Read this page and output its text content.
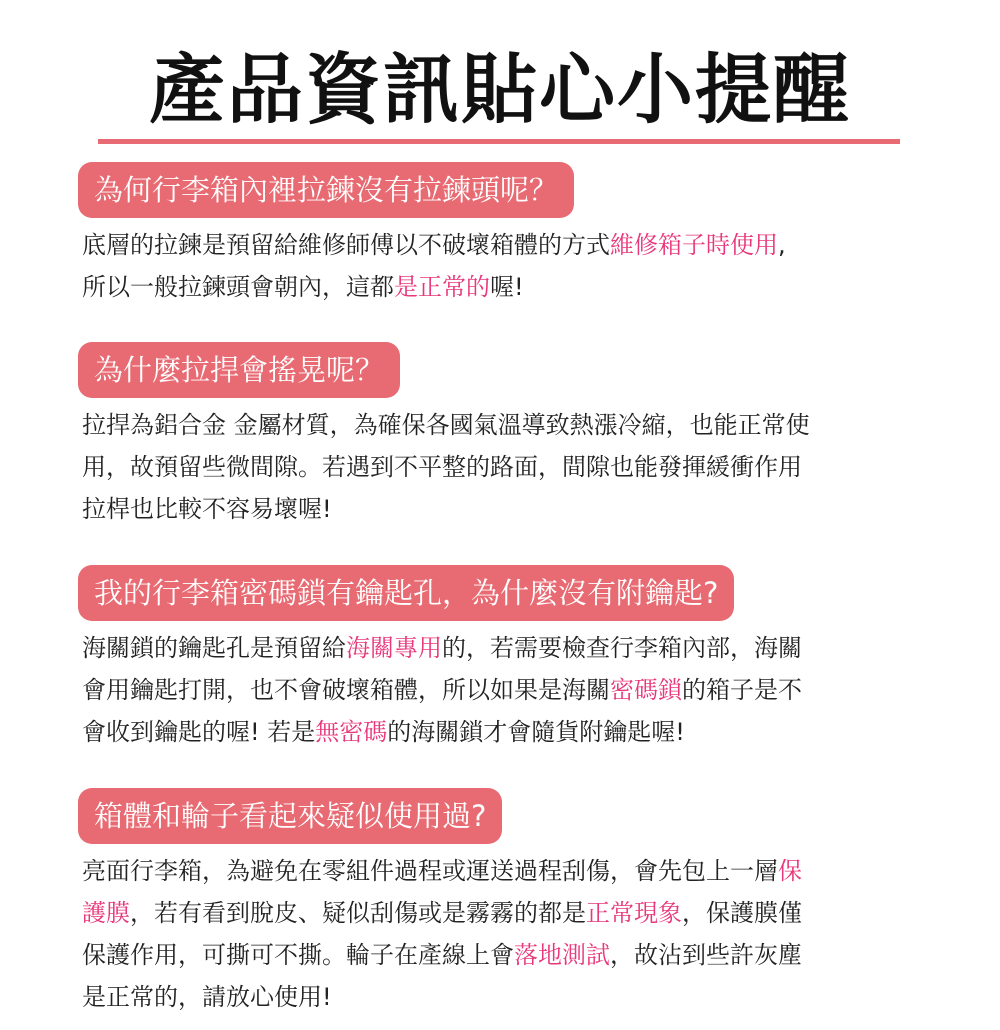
產品資訊貼心小提醒
為何行李箱內裡拉鍊沒有拉鍊頭呢？
底層的拉鍊是預留給維修師傅以不破壞箱體的方式維修箱子時使用,
所以一般拉鍊頭會朝內，這都是正常的喔!
為什麼拉捍會搖晃呢？
拉捍為鋁合金 金屬材質，為確保各國氣溫導致熱漲冷縮，也能正常使
用，故預留些微間隙。若遇到不平整的路面，間隙也能發揮緩衝作用
拉桿也比較不容易壞喔!
我的行李箱密碼鎖有鑰匙孔，為什麼沒有附鑰匙?
海關鎖的鑰匙孔是預留給海關專用的，若需要檢查行李箱內部，海關
會用鑰匙打開，也不會破壞箱體，所以如果是海關密碼鎖的箱子是不
會收到鑰匙的喔! 若是無密碼的海關鎖才會隨貨附鑰匙喔!
箱體和輪子看起來疑似使用過?
亮面行李箱，為避免在零組件過程或運送過程刮傷，會先包上一層保
護膜，若有看到脫皮、疑似刮傷或是霧霧的都是正常現象，保護膜僅
保護作用，可撕可不撕。輪子在產線上會落地測試，故沾到些許灰塵
是正常的，請放心使用!
